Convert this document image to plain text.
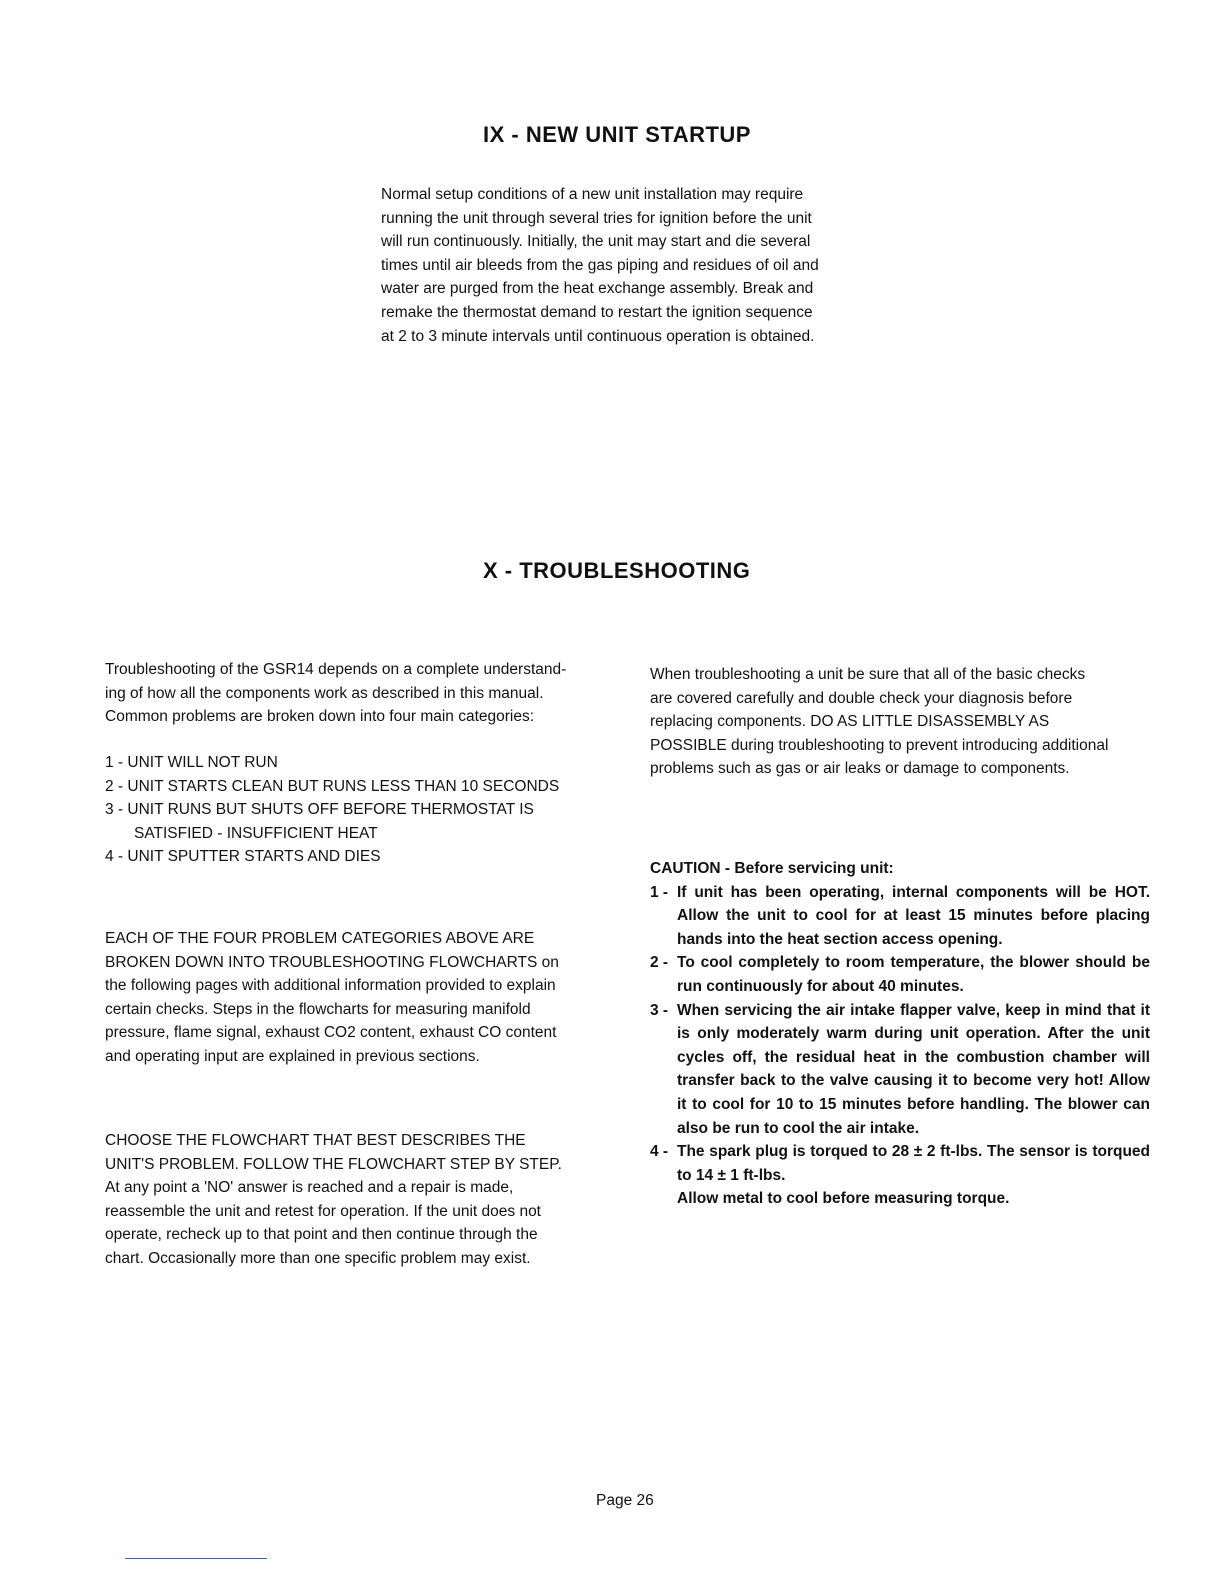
IX - NEW UNIT STARTUP
Normal setup conditions of a new unit installation may require
running the unit through several tries for ignition before the unit
will run continuously. Initially, the unit may start and die several
times until air bleeds from the gas piping and residues of oil and
water are purged from the heat exchange assembly. Break and
remake the thermostat demand to restart the ignition sequence
at 2 to 3 minute intervals until continuous operation is obtained.
X - TROUBLESHOOTING
Troubleshooting of the GSR14 depends on a complete understand-
ing of how all the components work as described in this manual.
Common problems are broken down into four main categories:
1 - UNIT WILL NOT RUN
2 - UNIT STARTS CLEAN BUT RUNS LESS THAN 10 SECONDS
3 - UNIT RUNS BUT SHUTS OFF BEFORE THERMOSTAT IS
SATISFIED - INSUFFICIENT HEAT
4 - UNIT SPUTTER STARTS AND DIES
EACH OF THE FOUR PROBLEM CATEGORIES ABOVE ARE
BROKEN DOWN INTO TROUBLESHOOTING FLOWCHARTS on
the following pages with additional information provided to explain
certain checks. Steps in the flowcharts for measuring manifold
pressure, flame signal, exhaust CO2 content, exhaust CO content
and operating input are explained in previous sections.
CHOOSE THE FLOWCHART THAT BEST DESCRIBES THE
UNIT'S PROBLEM. FOLLOW THE FLOWCHART STEP BY STEP.
At any point a 'NO' answer is reached and a repair is made,
reassemble the unit and retest for operation. If the unit does not
operate, recheck up to that point and then continue through the
chart. Occasionally more than one specific problem may exist.
When troubleshooting a unit be sure that all of the basic checks
are covered carefully and double check your diagnosis before
replacing components. DO AS LITTLE DISASSEMBLY AS
POSSIBLE during troubleshooting to prevent introducing additional
problems such as gas or air leaks or damage to components.
CAUTION - Before servicing unit:
1 - If unit has been operating, internal components will be HOT. Allow the unit to cool for at least 15 minutes before placing hands into the heat section access opening.
2 - To cool completely to room temperature, the blower should be run continuously for about 40 minutes.
3 - When servicing the air intake flapper valve, keep in mind that it is only moderately warm during unit operation. After the unit cycles off, the residual heat in the combustion chamber will transfer back to the valve causing it to become very hot! Allow it to cool for 10 to 15 minutes before handling. The blower can also be run to cool the air intake.
4 - The spark plug is torqued to 28 ± 2 ft-lbs. The sensor is torqued to 14 ± 1 ft-lbs.
Allow metal to cool before measuring torque.
Page 26
